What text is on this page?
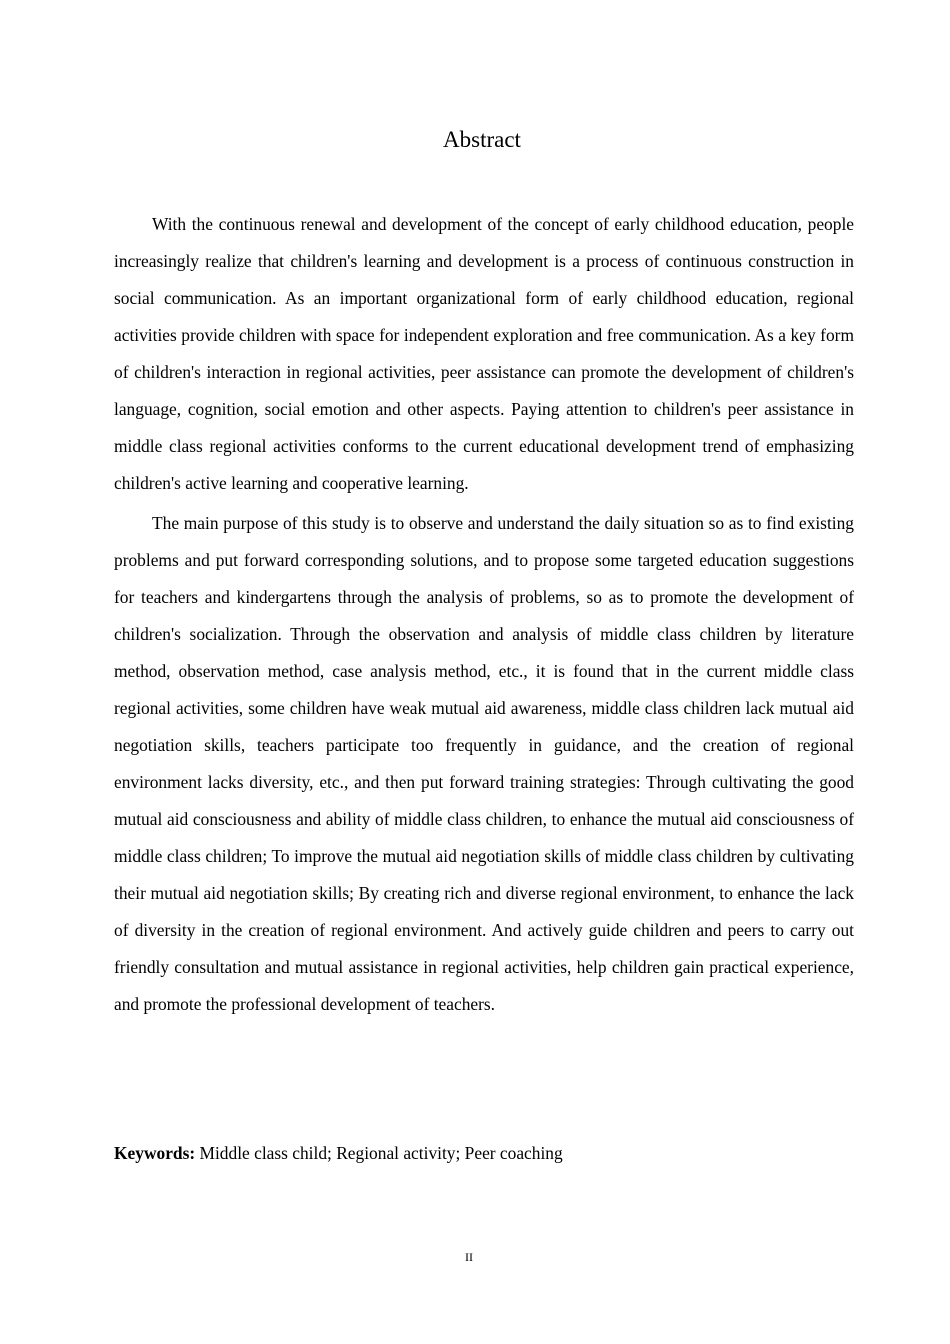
Abstract

With the continuous renewal and development of the concept of early childhood education, people increasingly realize that children's learning and development is a process of continuous construction in social communication. As an important organizational form of early childhood education, regional activities provide children with space for independent exploration and free communication. As a key form of children's interaction in regional activities, peer assistance can promote the development of children's language, cognition, social emotion and other aspects. Paying attention to children's peer assistance in middle class regional activities conforms to the current educational development trend of emphasizing children's active learning and cooperative learning.

The main purpose of this study is to observe and understand the daily situation so as to find existing problems and put forward corresponding solutions, and to propose some targeted education suggestions for teachers and kindergartens through the analysis of problems, so as to promote the development of children's socialization. Through the observation and analysis of middle class children by literature method, observation method, case analysis method, etc., it is found that in the current middle class regional activities, some children have weak mutual aid awareness, middle class children lack mutual aid negotiation skills, teachers participate too frequently in guidance, and the creation of regional environment lacks diversity, etc., and then put forward training strategies: Through cultivating the good mutual aid consciousness and ability of middle class children, to enhance the mutual aid consciousness of middle class children; To improve the mutual aid negotiation skills of middle class children by cultivating their mutual aid negotiation skills; By creating rich and diverse regional environment, to enhance the lack of diversity in the creation of regional environment. And actively guide children and peers to carry out friendly consultation and mutual assistance in regional activities, help children gain practical experience, and promote the professional development of teachers.

Keywords: Middle class child; Regional activity; Peer coaching

II
